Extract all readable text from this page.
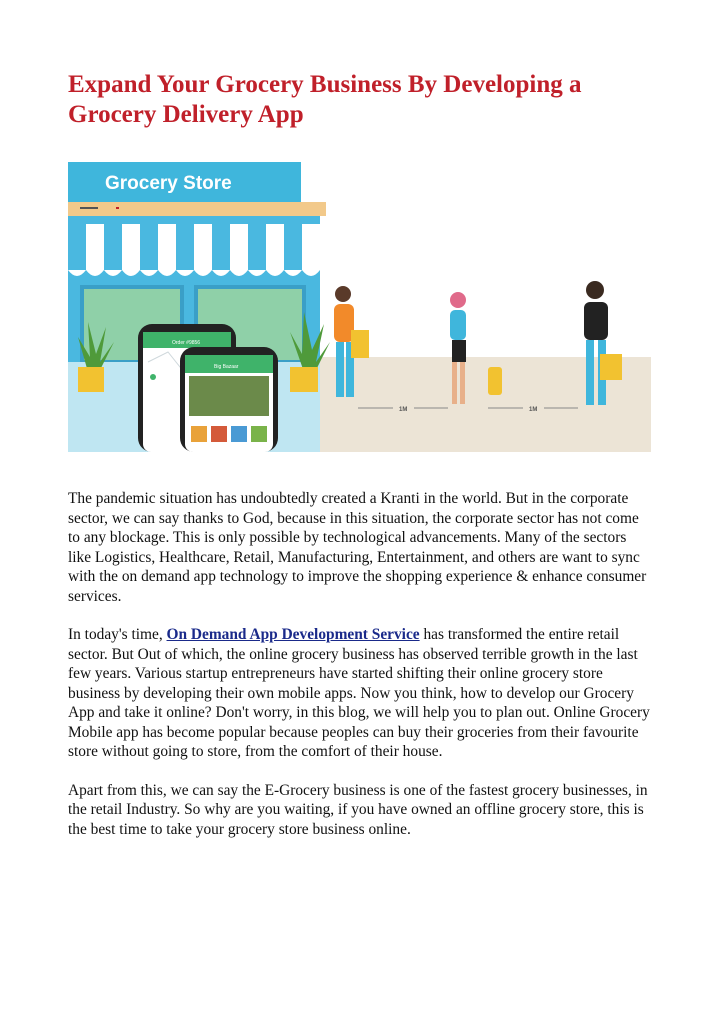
Expand Your Grocery Business By Developing a Grocery Delivery App
Grocery Store
Order #9856
Big Bazaar
1M	1M

The pandemic situation has undoubtedly created a Kranti in the world. But in the corporate sector, we can say thanks to God, because in this situation, the corporate sector has not come to any blockage. This is only possible by technological advancements. Many of the sectors like Logistics, Healthcare, Retail, Manufacturing, Entertainment, and others are want to sync with the on demand app technology to improve the shopping experience & enhance consumer services.

In today's time, On Demand App Development Service has transformed the entire retail sector. But Out of which, the online grocery business has observed terrible growth in the last few years. Various startup entrepreneurs have started shifting their online grocery store business by developing their own mobile apps. Now you think, how to develop our Grocery App and take it online? Don't worry, in this blog, we will help you to plan out. Online Grocery Mobile app has become popular because peoples can buy their groceries from their favourite store without going to store, from the comfort of their house.

Apart from this, we can say the E-Grocery business is one of the fastest grocery businesses, in the retail Industry. So why are you waiting, if you have owned an offline grocery store, this is the best time to take your grocery store business online.
